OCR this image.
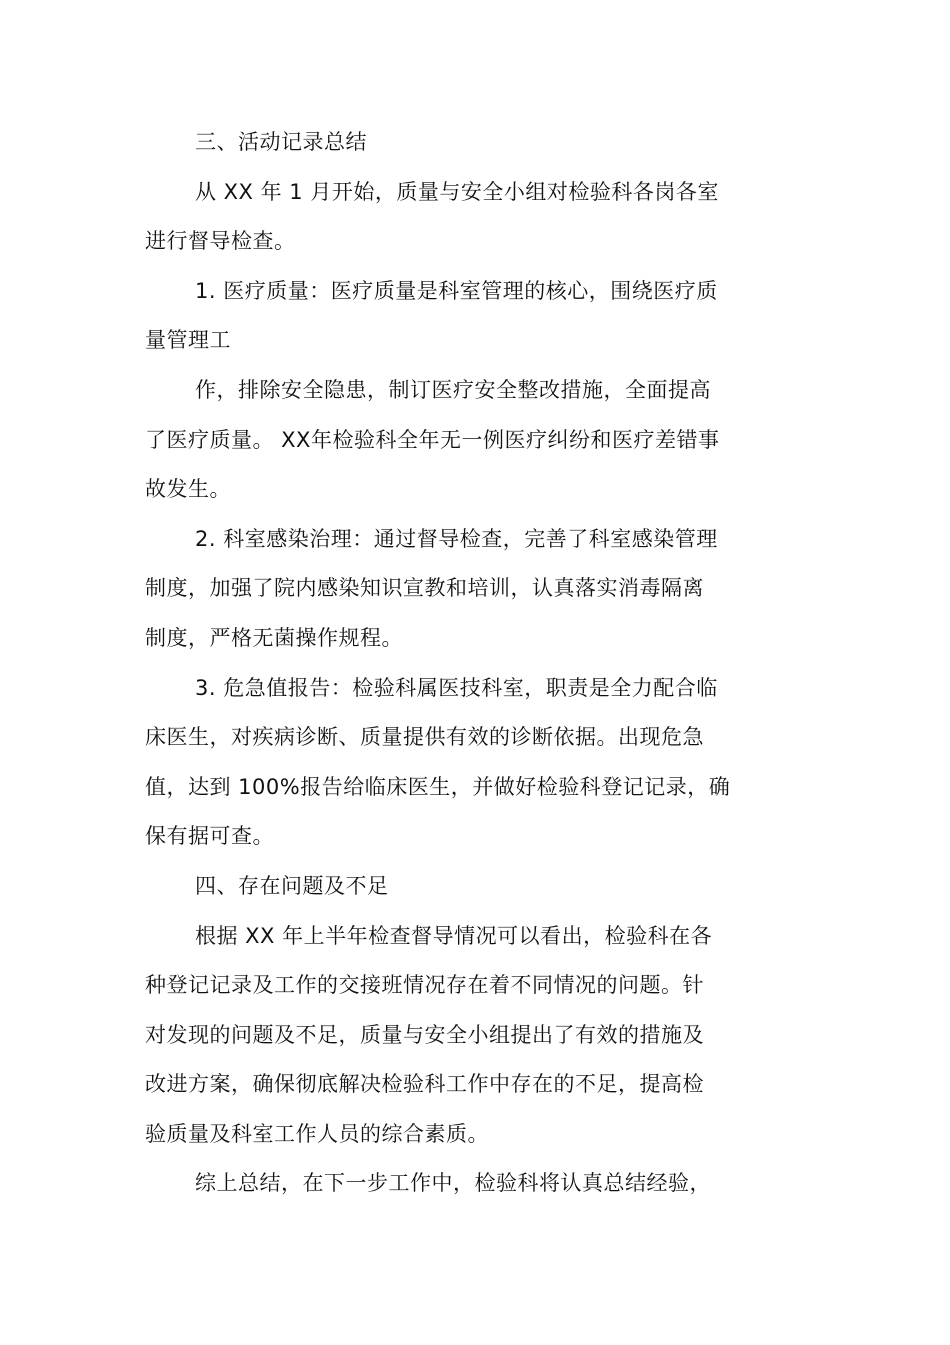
三、活动记录总结
从 XX 年 1 月开始，质量与安全小组对检验科各岗各室
进行督导检查。
1. 医疗质量：医疗质量是科室管理的核心，围绕医疗质
量管理工
作，排除安全隐患，制订医疗安全整改措施，全面提高
了医疗质量。 XX年检验科全年无一例医疗纠纷和医疗差错事
故发生。
2. 科室感染治理：通过督导检查，完善了科室感染管理
制度，加强了院内感染知识宣教和培训，认真落实消毒隔离
制度，严格无菌操作规程。
3. 危急值报告：检验科属医技科室，职责是全力配合临
床医生，对疾病诊断、质量提供有效的诊断依据。出现危急
值，达到 100%报告给临床医生，并做好检验科登记记录，确
保有据可查。
四、存在问题及不足
根据 XX 年上半年检查督导情况可以看出，检验科在各
种登记记录及工作的交接班情况存在着不同情况的问题。针
对发现的问题及不足，质量与安全小组提出了有效的措施及
改进方案，确保彻底解决检验科工作中存在的不足，提高检
验质量及科室工作人员的综合素质。
综上总结，在下一步工作中，检验科将认真总结经验，
